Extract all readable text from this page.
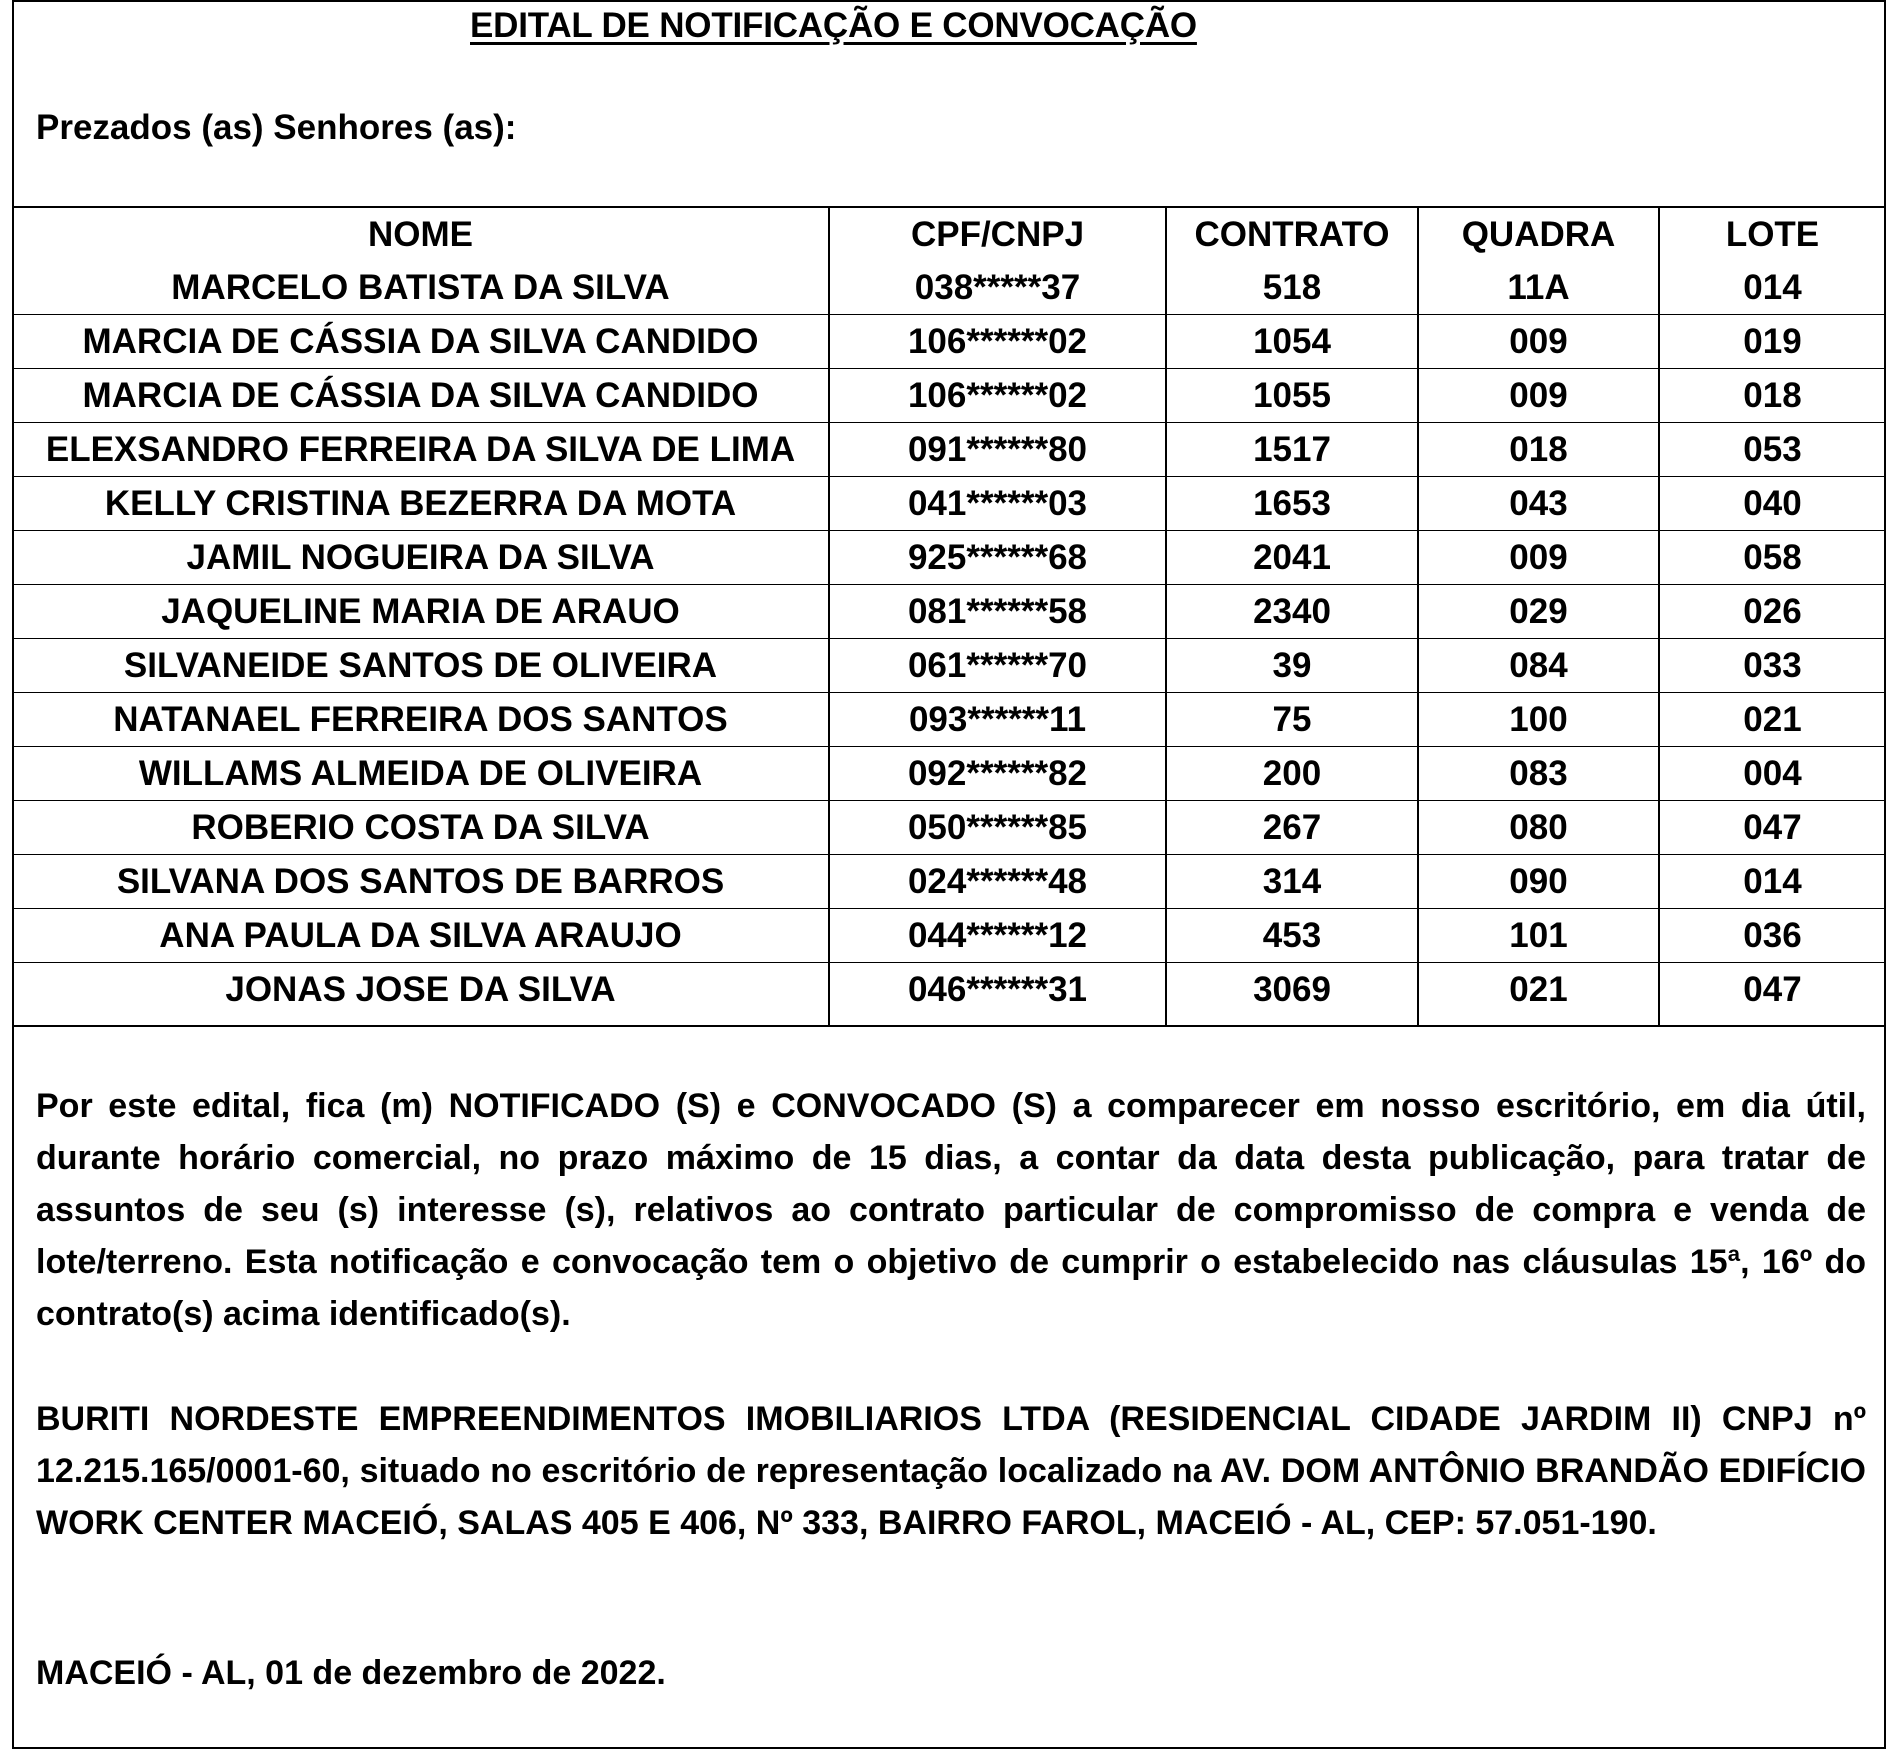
EDITAL DE NOTIFICAÇÃO E CONVOCAÇÃO
Prezados (as) Senhores (as):
NOME	CPF/CNPJ	CONTRATO	QUADRA	LOTE
MARCELO BATISTA DA SILVA	038*****37	518	11A	014
MARCIA DE CÁSSIA DA SILVA CANDIDO	106******02	1054	009	019
MARCIA DE CÁSSIA DA SILVA CANDIDO	106******02	1055	009	018
ELEXSANDRO FERREIRA DA SILVA DE LIMA	091******80	1517	018	053
KELLY CRISTINA BEZERRA DA MOTA	041******03	1653	043	040
JAMIL NOGUEIRA DA SILVA	925******68	2041	009	058
JAQUELINE MARIA DE ARAUO	081******58	2340	029	026
SILVANEIDE SANTOS DE OLIVEIRA	061******70	39	084	033
NATANAEL FERREIRA DOS SANTOS	093******11	75	100	021
WILLAMS ALMEIDA DE OLIVEIRA	092******82	200	083	004
ROBERIO COSTA DA SILVA	050******85	267	080	047
SILVANA DOS SANTOS DE BARROS	024******48	314	090	014
ANA PAULA DA SILVA ARAUJO	044******12	453	101	036
JONAS JOSE DA SILVA	046******31	3069	021	047
Por este edital, fica (m) NOTIFICADO (S) e CONVOCADO (S) a comparecer em nosso escritório, em dia útil, durante horário comercial, no prazo máximo de 15 dias, a contar da data desta publicação, para tratar de assuntos de seu (s) interesse (s), relativos ao contrato particular de compromisso de compra e venda de lote/terreno. Esta notificação e convocação tem o objetivo de cumprir o estabelecido nas cláusulas 15ª, 16º do contrato(s) acima identificado(s).
BURITI NORDESTE EMPREENDIMENTOS IMOBILIARIOS LTDA (RESIDENCIAL CIDADE JARDIM II) CNPJ nº 12.215.165/0001-60, situado no escritório de representação localizado na AV. DOM ANTÔNIO BRANDÃO EDIFÍCIO WORK CENTER MACEIÓ, SALAS 405 E 406, Nº 333, BAIRRO FAROL, MACEIÓ - AL, CEP: 57.051-190.
MACEIÓ - AL, 01 de dezembro de 2022.
